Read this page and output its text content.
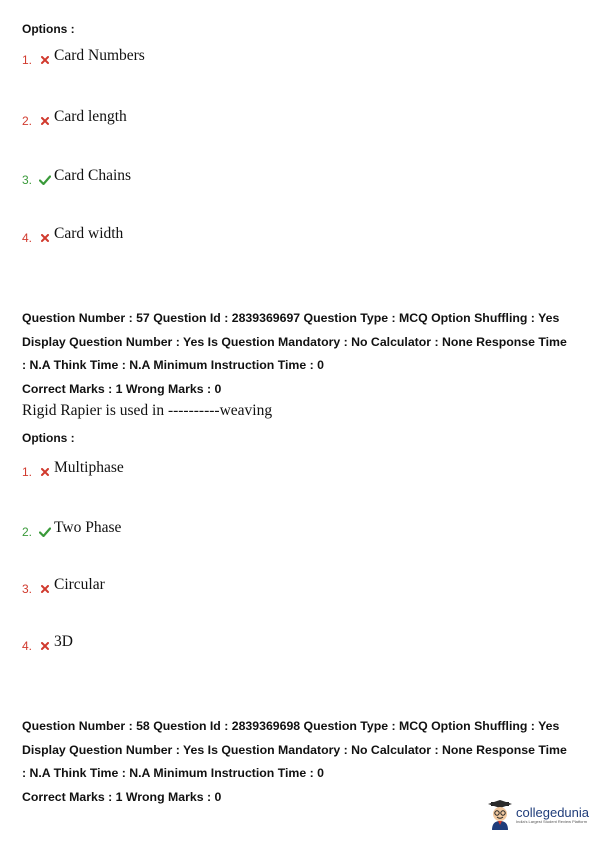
Options :
1.	Card Numbers
2.	Card length
3.	Card Chains
4.	Card width
Question Number : 57 Question Id : 2839369697 Question Type : MCQ Option Shuffling : Yes
Display Question Number : Yes Is Question Mandatory : No Calculator : None Response Time
: N.A Think Time : N.A Minimum Instruction Time : 0
Correct Marks : 1 Wrong Marks : 0
Rigid Rapier is used in ----------weaving
Options :
1.	Multiphase
2.	Two Phase
3.	Circular
4.	3D
Question Number : 58 Question Id : 2839369698 Question Type : MCQ Option Shuffling : Yes
Display Question Number : Yes Is Question Mandatory : No Calculator : None Response Time
: N.A Think Time : N.A Minimum Instruction Time : 0
Correct Marks : 1 Wrong Marks : 0
collegedunia
India's Largest Student Review Platform
